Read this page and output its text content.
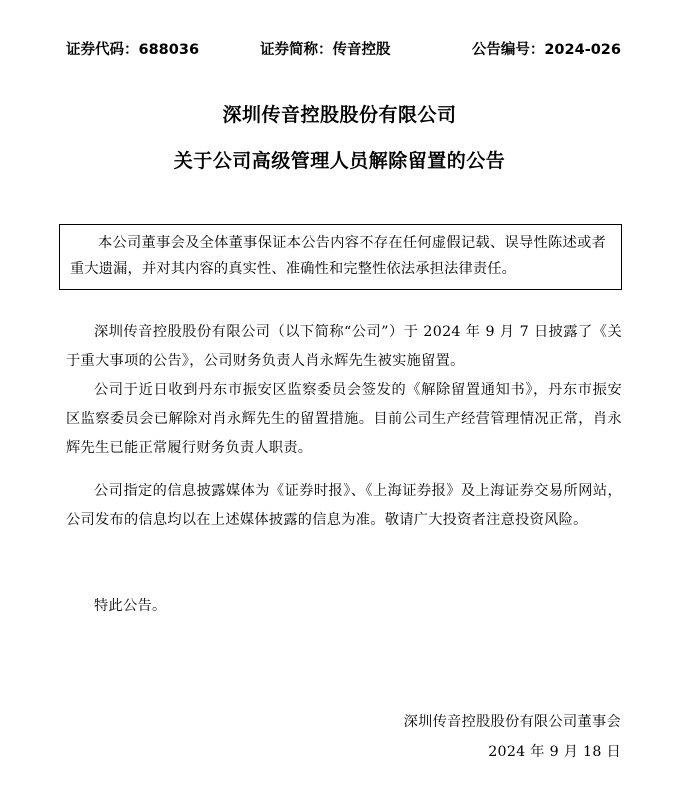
证券代码：688036	证券简称：传音控股	公告编号：2024-026
深圳传音控股股份有限公司
关于公司高级管理人员解除留置的公告
本公司董事会及全体董事保证本公告内容不存在任何虚假记载、误导性陈述或者重大遗漏，并对其内容的真实性、准确性和完整性依法承担法律责任。
深圳传音控股股份有限公司（以下简称“公司”）于 2024 年 9 月 7 日披露了《关于重大事项的公告》，公司财务负责人肖永辉先生被实施留置。
公司于近日收到丹东市振安区监察委员会签发的《解除留置通知书》，丹东市振安区监察委员会已解除对肖永辉先生的留置措施。目前公司生产经营管理情况正常，肖永辉先生已能正常履行财务负责人职责。
公司指定的信息披露媒体为《证券时报》、《上海证券报》及上海证券交易所网站，公司发布的信息均以在上述媒体披露的信息为准。敬请广大投资者注意投资风险。
特此公告。
深圳传音控股股份有限公司董事会
2024 年 9 月 18 日
